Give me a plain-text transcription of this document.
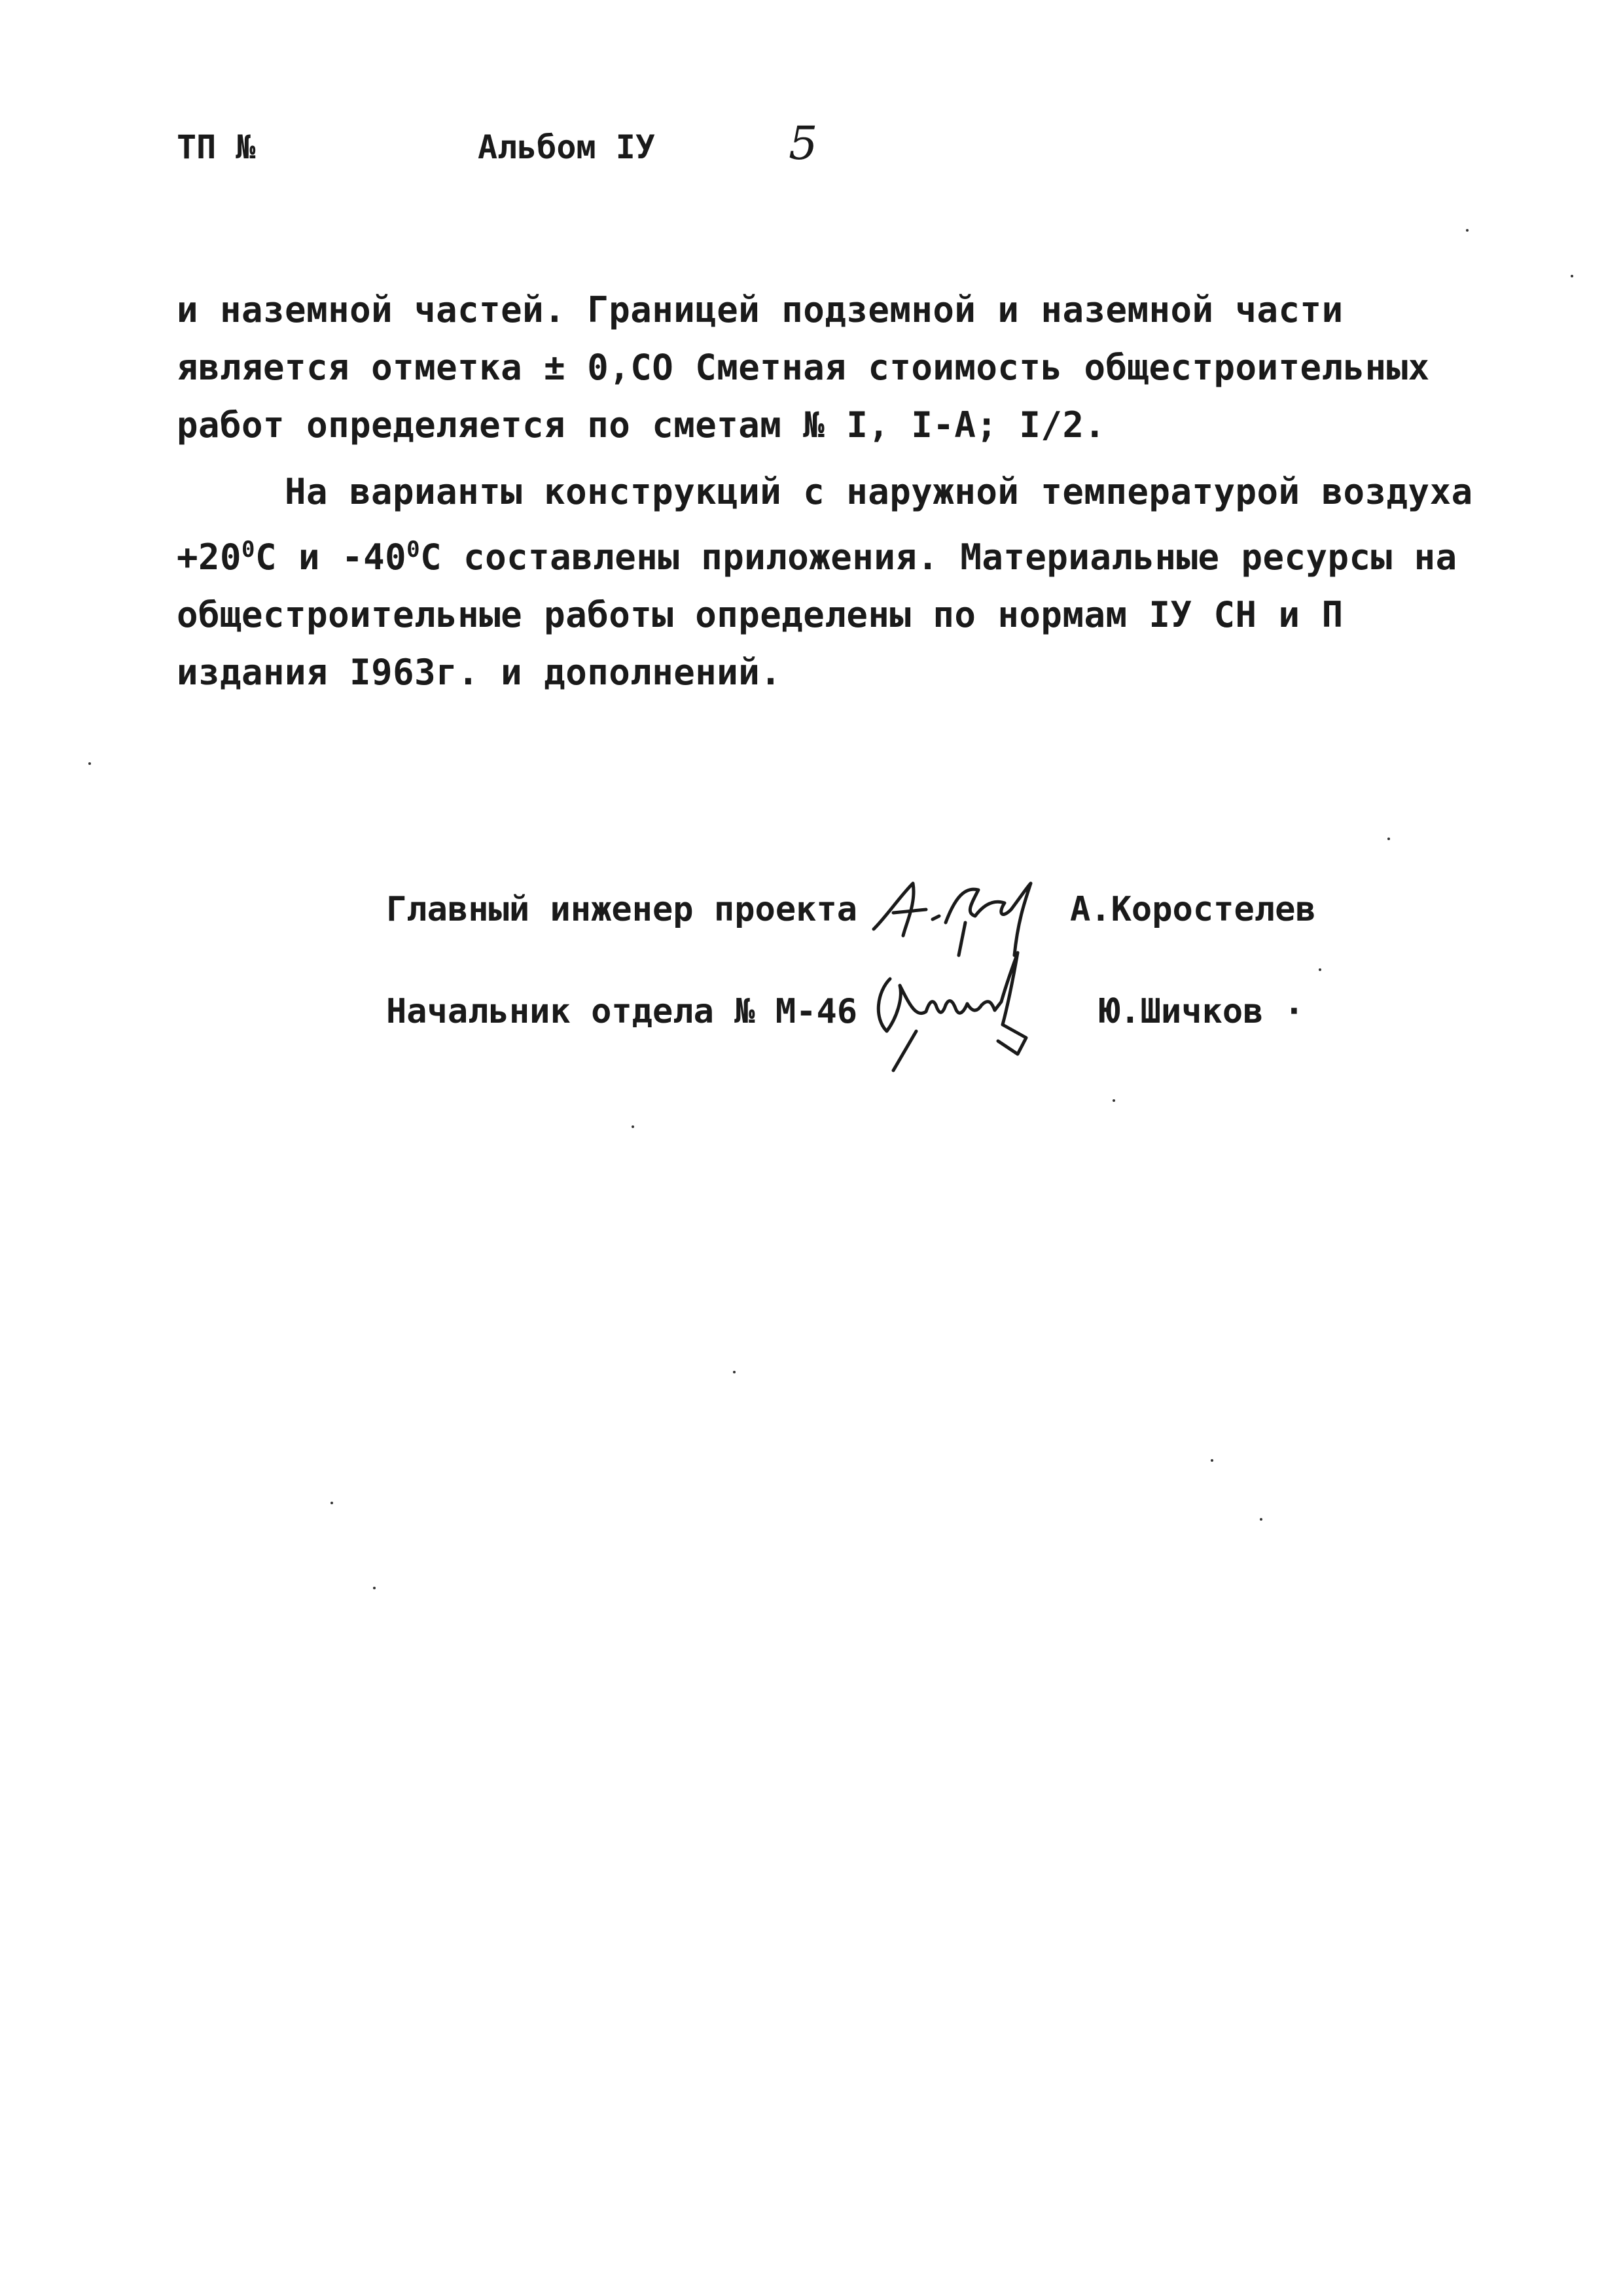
ТП №	Альбом IУ	5

и наземной частей. Границей подземной и наземной части является отметка ± 0,СО Сметная стоимость общестроительных работ определяется по сметам № I, I-А; I/2.

На варианты конструкций с наружной температурой воздуха $+20^0С$ и $-40^0С$ составлены приложения. Материальные ресурсы на общестроительные работы определены по нормам IУ СН и П издания I963г. и дополнений.

Главный инженер проекта	А.Коростелев
Начальник отдела № М-46	Ю.Шичков ·
